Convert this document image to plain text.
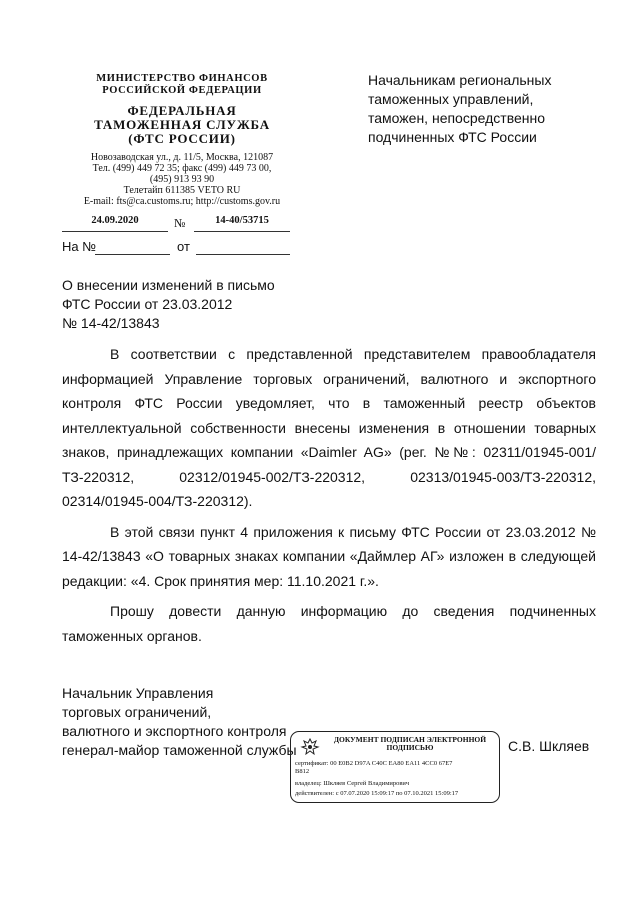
МИНИСТЕРСТВО ФИНАНСОВ
РОССИЙСКОЙ ФЕДЕРАЦИИ
ФЕДЕРАЛЬНАЯ
ТАМОЖЕННАЯ СЛУЖБА
(ФТС РОССИИ)
Новозаводская ул., д. 11/5, Москва, 121087
Тел. (499) 449 72 35; факс (499) 449 73 00,
(495) 913 93 90
Телетайп 611385 VETO RU
E-mail: fts@ca.customs.ru; http://customs.gov.ru
24.09.2020	№	14-40/53715
На №	от
Начальникам региональных
таможенных управлений,
таможен, непосредственно
подчиненных ФТС России
О внесении изменений в письмо
ФТС России от 23.03.2012
№ 14-42/13843

В соответствии с представленной представителем правообладателя информацией Управление торговых ограничений, валютного и экспортного контроля ФТС России уведомляет, что в таможенный реестр объектов интеллектуальной собственности внесены изменения в отношении товарных знаков, принадлежащих компании «Daimler AG» (рег. №№: 02311/01945-001/ТЗ-220312, 02312/01945-002/ТЗ-220312, 02313/01945-003/ТЗ-220312, 02314/01945-004/ТЗ-220312).

В этой связи пункт 4 приложения к письму ФТС России от 23.03.2012 № 14-42/13843 «О товарных знаках компании «Даймлер АГ» изложен в следующей редакции: «4. Срок принятия мер: 11.10.2021 г.».

Прошу довести данную информацию до сведения подчиненных таможенных органов.

Начальник Управления
торговых ограничений,
валютного и экспортного контроля
генерал-майор таможенной службы
ДОКУМЕНТ ПОДПИСАН ЭЛЕКТРОННОЙ ПОДПИСЬЮ
сертификат: 00 E0B2 D97A C40C EA80 EA11 4CC0 67E7
B812
владелец: Шкляев Сергей Владимирович
действителен: с 07.07.2020 15:09:17 по 07.10.2021 15:09:17
С.В. Шкляев
